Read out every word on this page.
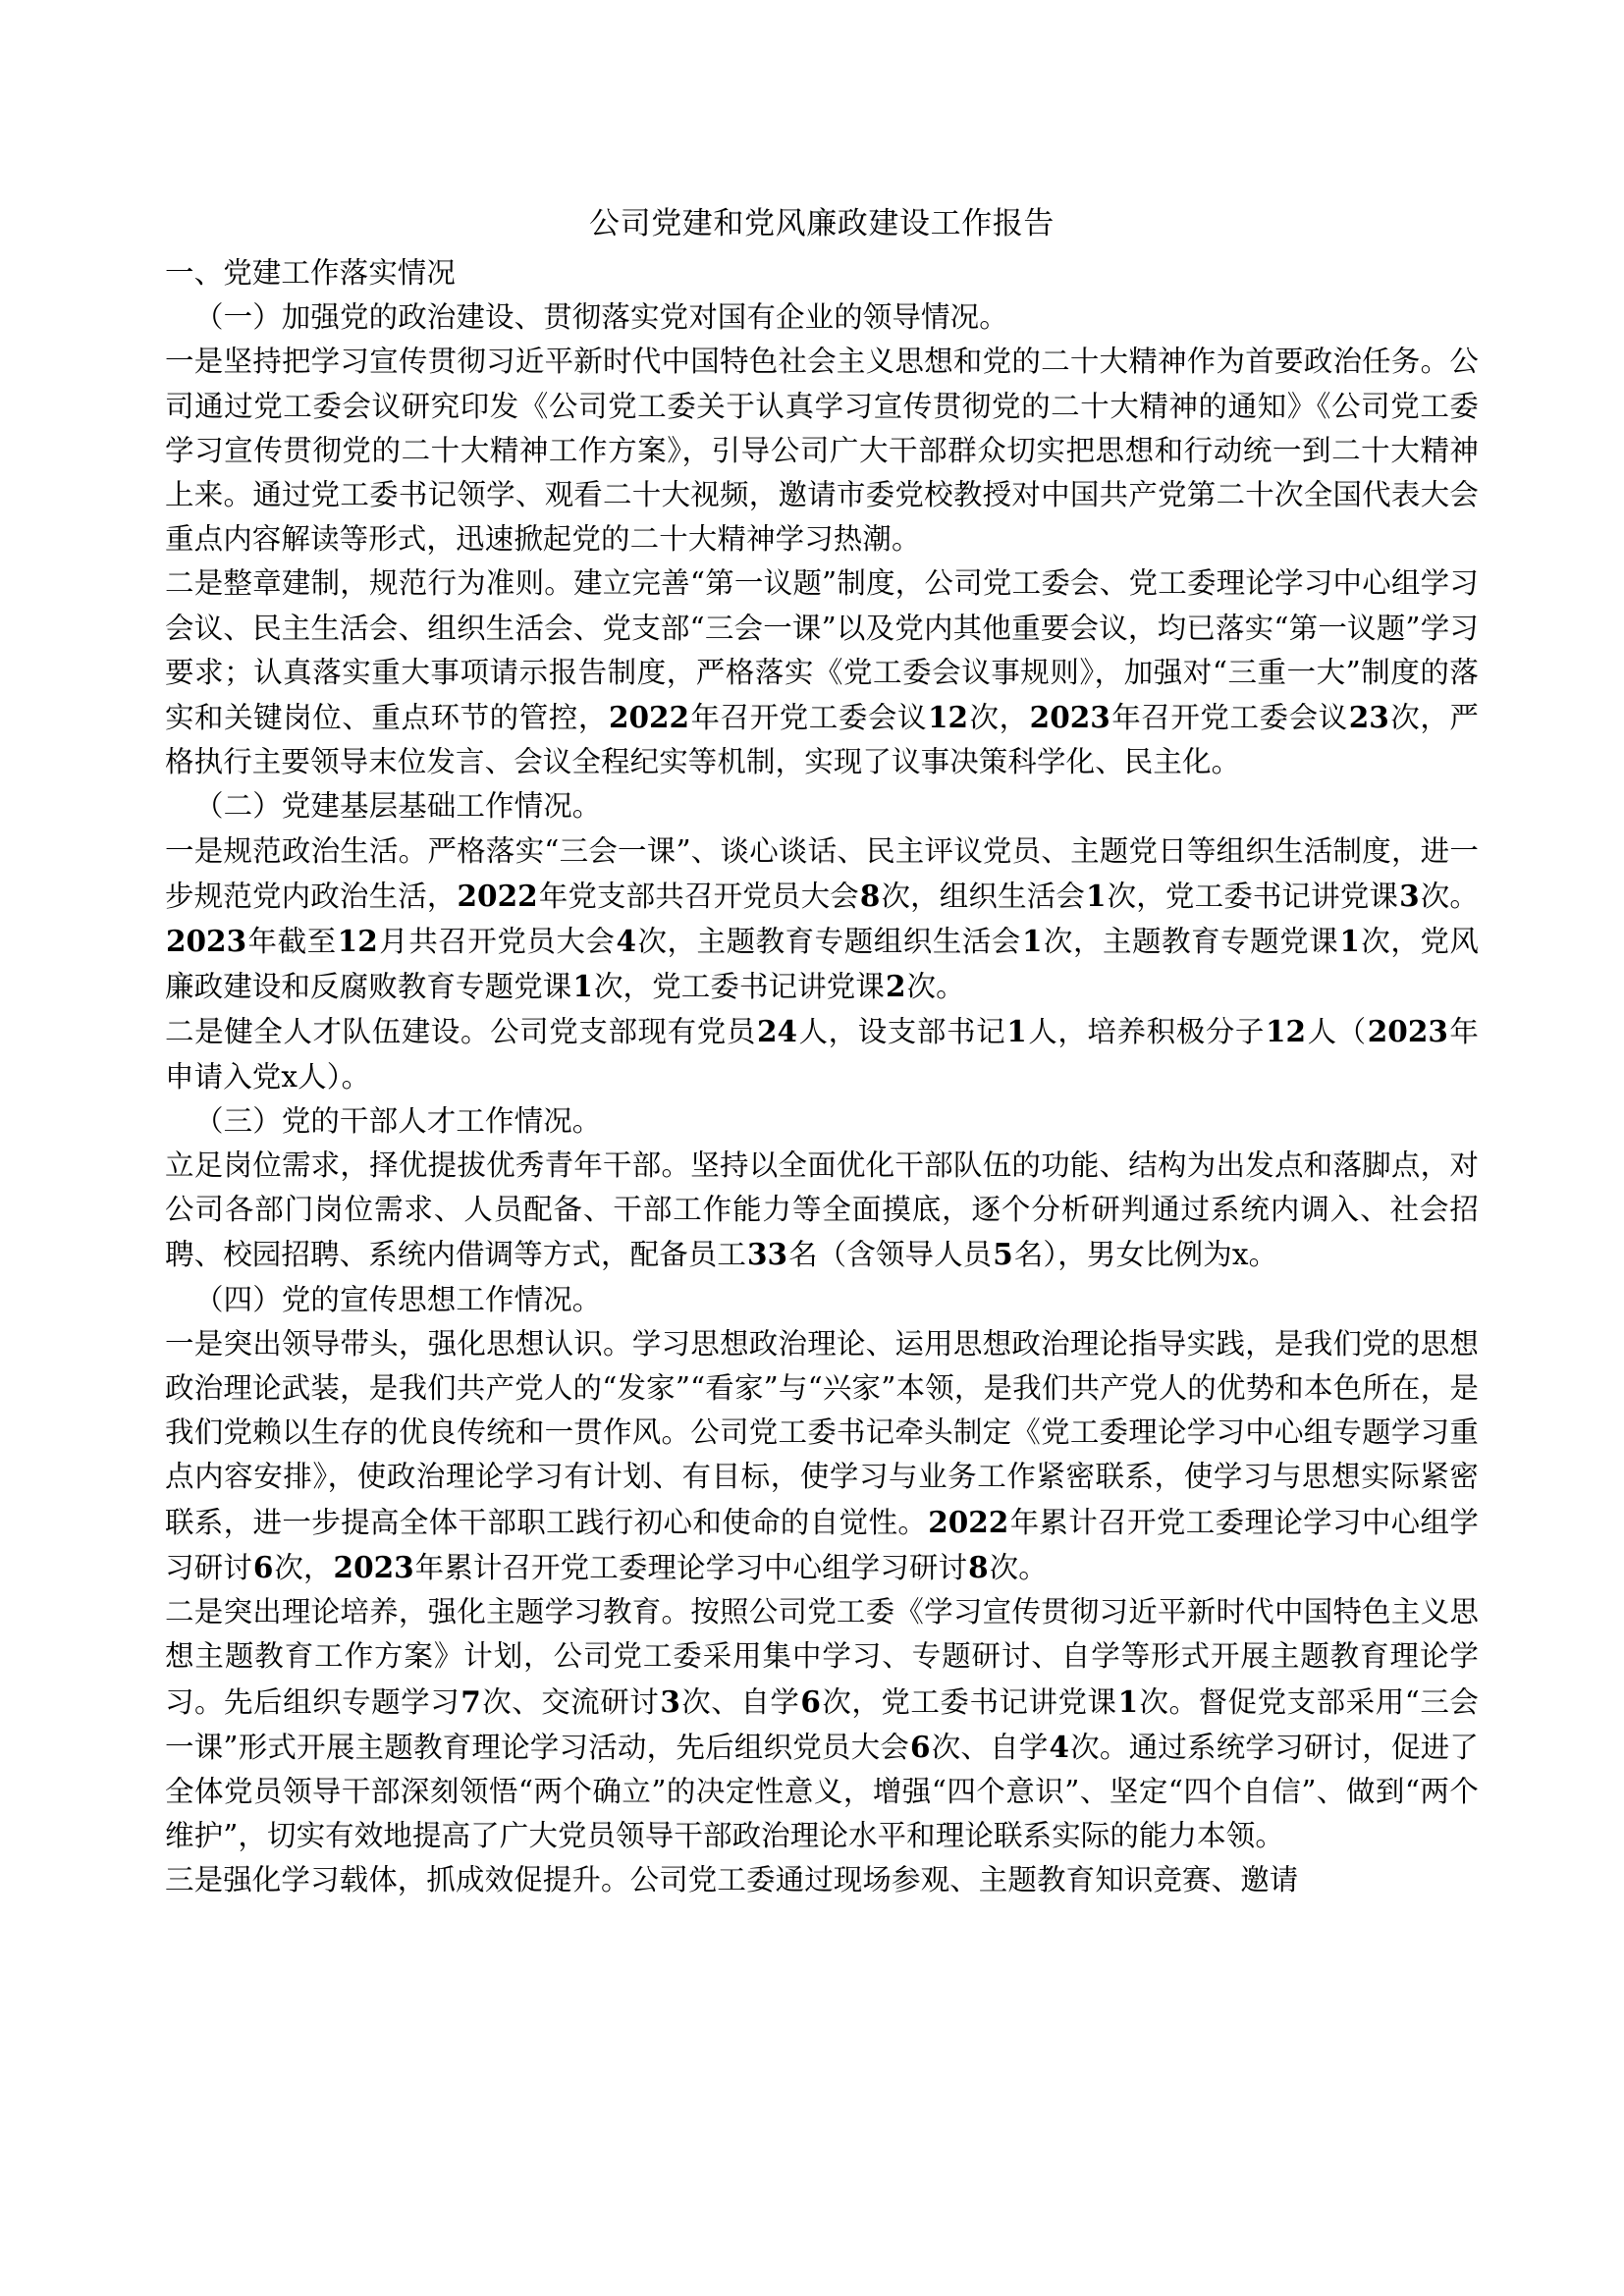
公司党建和党风廉政建设工作报告

一、党建工作落实情况

（一）加强党的政治建设、贯彻落实党对国有企业的领导情况。

一是坚持把学习宣传贯彻习近平新时代中国特色社会主义思想和党的二十大精神作为首要政治任务。公司通过党工委会议研究印发《公司党工委关于认真学习宣传贯彻党的二十大精神的通知》《公司党工委学习宣传贯彻党的二十大精神工作方案》，引导公司广大干部群众切实把思想和行动统一到二十大精神上来。通过党工委书记领学、观看二十大视频，邀请市委党校教授对中国共产党第二十次全国代表大会重点内容解读等形式，迅速掀起党的二十大精神学习热潮。

二是整章建制，规范行为准则。建立完善“第一议题”制度，公司党工委会、党工委理论学习中心组学习会议、民主生活会、组织生活会、党支部“三会一课”以及党内其他重要会议，均已落实“第一议题”学习要求；认真落实重大事项请示报告制度，严格落实《党工委会议事规则》，加强对“三重一大”制度的落实和关键岗位、重点环节的管控，2022年召开党工委会议12次，2023年召开党工委会议23次，严格执行主要领导末位发言、会议全程纪实等机制，实现了议事决策科学化、民主化。

（二）党建基层基础工作情况。

一是规范政治生活。严格落实“三会一课”、谈心谈话、民主评议党员、主题党日等组织生活制度，进一步规范党内政治生活，2022年党支部共召开党员大会8次，组织生活会1次，党工委书记讲党课3次。2023年截至12月共召开党员大会4次，主题教育专题组织生活会1次，主题教育专题党课1次，党风廉政建设和反腐败教育专题党课1次，党工委书记讲党课2次。

二是健全人才队伍建设。公司党支部现有党员24人，设支部书记1人，培养积极分子12人（2023年申请入党x人）。

（三）党的干部人才工作情况。

立足岗位需求，择优提拔优秀青年干部。坚持以全面优化干部队伍的功能、结构为出发点和落脚点，对公司各部门岗位需求、人员配备、干部工作能力等全面摸底，逐个分析研判通过系统内调入、社会招聘、校园招聘、系统内借调等方式，配备员工33名（含领导人员5名），男女比例为x。

（四）党的宣传思想工作情况。

一是突出领导带头，强化思想认识。学习思想政治理论、运用思想政治理论指导实践，是我们党的思想政治理论武装，是我们共产党人的“发家”“看家”与“兴家”本领，是我们共产党人的优势和本色所在，是我们党赖以生存的优良传统和一贯作风。公司党工委书记牵头制定《党工委理论学习中心组专题学习重点内容安排》，使政治理论学习有计划、有目标，使学习与业务工作紧密联系，使学习与思想实际紧密联系，进一步提高全体干部职工践行初心和使命的自觉性。2022年累计召开党工委理论学习中心组学习研讨6次，2023年累计召开党工委理论学习中心组学习研讨8次。

二是突出理论培养，强化主题学习教育。按照公司党工委《学习宣传贯彻习近平新时代中国特色主义思想主题教育工作方案》计划，公司党工委采用集中学习、专题研讨、自学等形式开展主题教育理论学习。先后组织专题学习7次、交流研讨3次、自学6次，党工委书记讲党课1次。督促党支部采用“三会一课”形式开展主题教育理论学习活动，先后组织党员大会6次、自学4次。通过系统学习研讨，促进了全体党员领导干部深刻领悟“两个确立”的决定性意义，增强“四个意识”、坚定“四个自信”、做到“两个维护”，切实有效地提高了广大党员领导干部政治理论水平和理论联系实际的能力本领。

三是强化学习载体，抓成效促提升。公司党工委通过现场参观、主题教育知识竞赛、邀请
